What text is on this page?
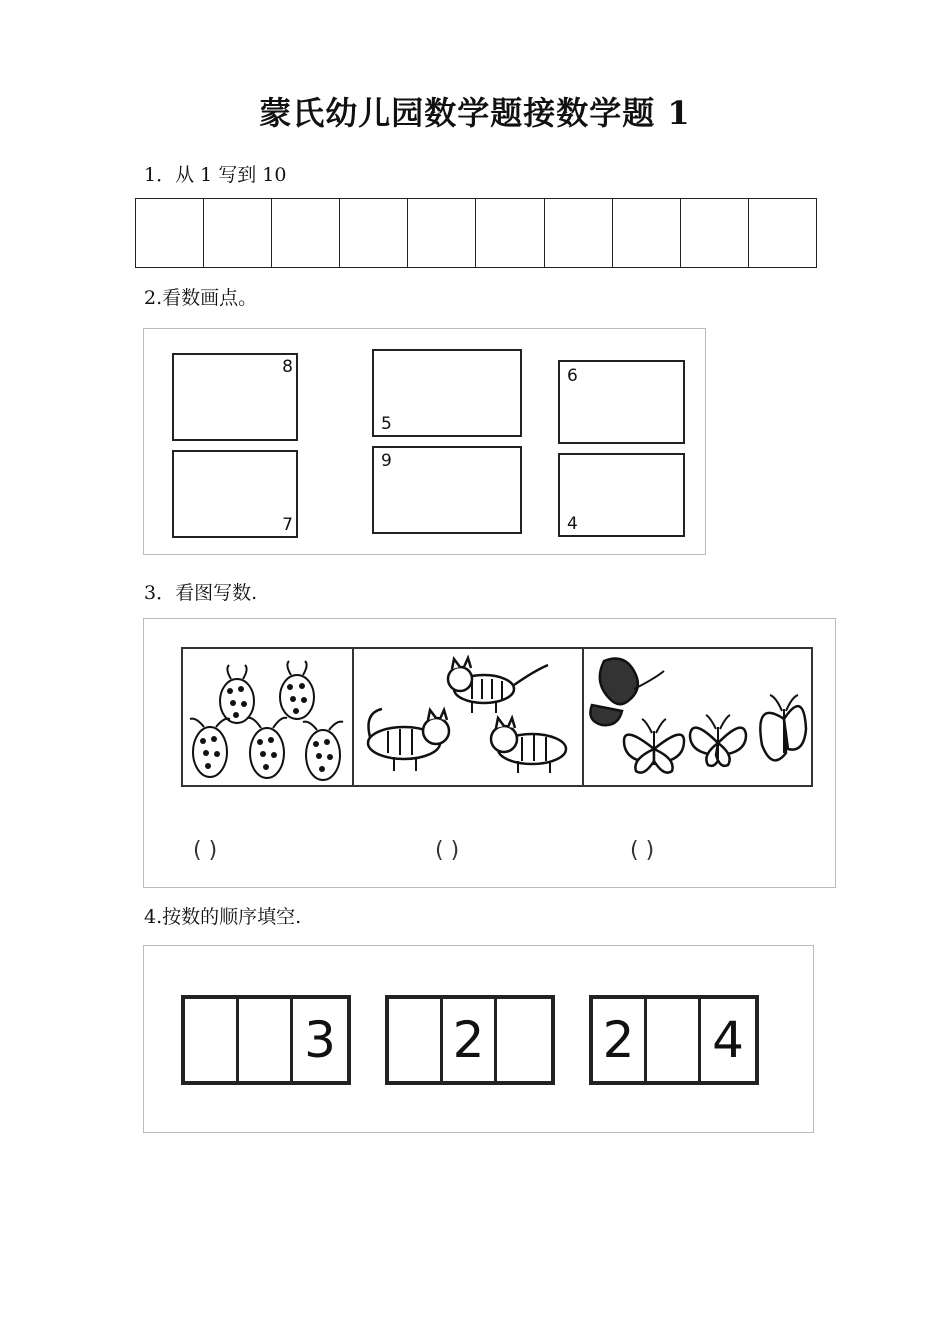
蒙氏幼儿园数学题接数学题 1
1．从 1 写到 10
2.看数画点。
8
5
6
7
9
4
3．看图写数.
( )	( )	( )
4.按数的顺序填空.
3 2 2 4
